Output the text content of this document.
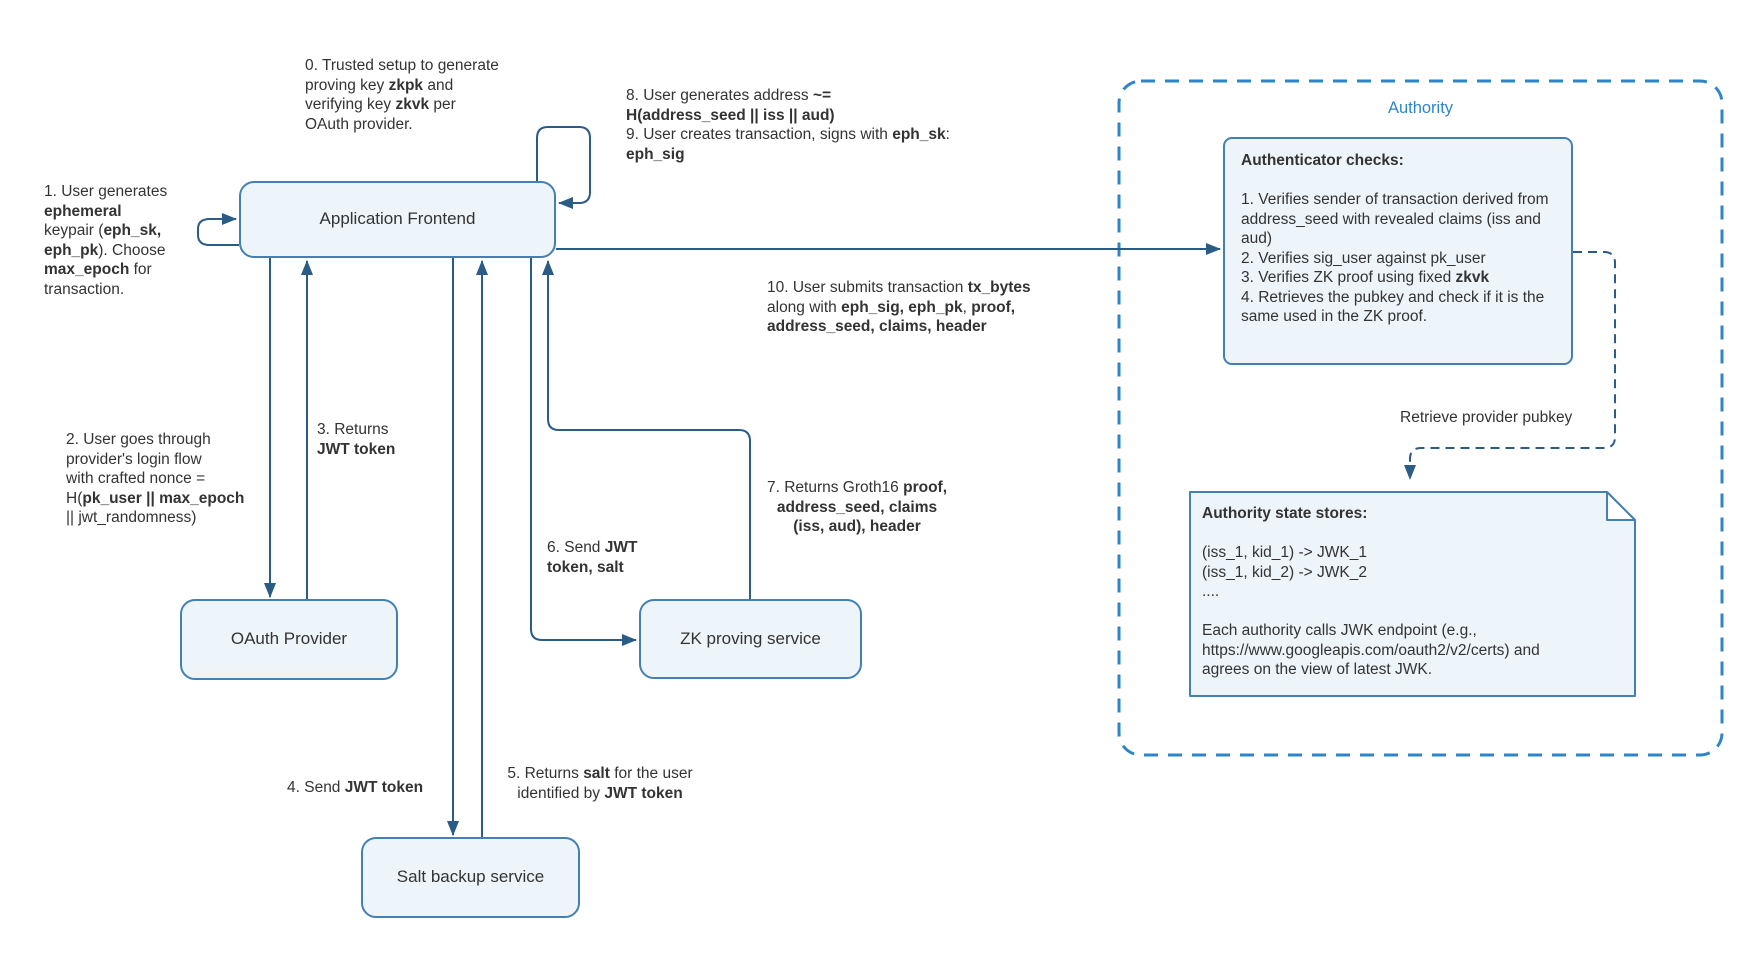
Application Frontend
OAuth Provider	ZK proving service
Salt backup service
Authority
Authenticator checks:

1. Verifies sender of transaction derived from address_seed with revealed claims (iss and aud)
2. Verifies sig_user against pk_user
3. Verifies ZK proof using fixed zkvk
4. Retrieves the pubkey and check if it is the same used in the ZK proof.
Authority state stores:

(iss_1, kid_1) -> JWK_1
(iss_1, kid_2) -> JWK_2
....

Each authority calls JWK endpoint (e.g., https://www.googleapis.com/oauth2/v2/certs) and agrees on the view of latest JWK.
Retrieve provider pubkey
0. Trusted setup to generate
proving key zkpk and
verifying key zkvk per
OAuth provider.
1. User generates
ephemeral
keypair (eph_sk,
eph_pk). Choose
max_epoch for
transaction.
2. User goes through
provider's login flow
with crafted nonce =
H(pk_user || max_epoch
|| jwt_randomness)
3. Returns
JWT token
4. Send JWT token
5. Returns salt for the user
identified by JWT token
6. Send JWT
token, salt
7. Returns Groth16 proof,
address_seed, claims
(iss, aud), header
8. User generates address ~=
H(address_seed || iss || aud)
9. User creates transaction, signs with eph_sk:
eph_sig
10. User submits transaction tx_bytes
along with eph_sig, eph_pk, proof,
address_seed, claims, header
